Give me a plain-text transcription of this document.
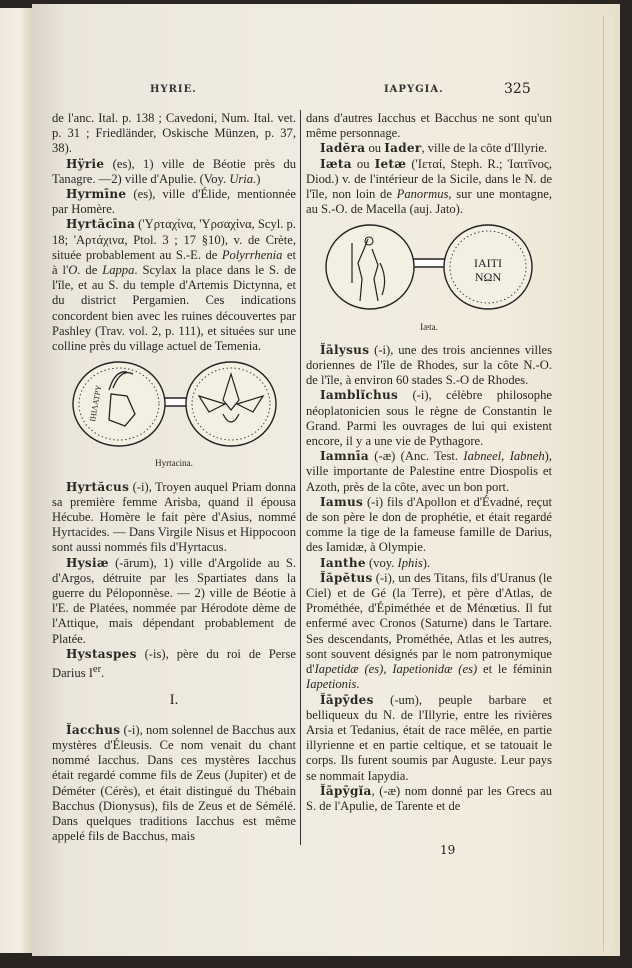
HYRIE.	IAPYGIA.	325

de l'anc. Ital. p. 138 ; Cavedoni, Num. Ital. vet. p. 31 ; Friedländer, Oskische Münzen, p. 37, 38).

Hÿrie (es), 1) ville de Béotie près du Tanagre. —2) ville d'Apulie. (Voy. Uria.)

Hyrmīne (es), ville d'Élide, mentionnée par Homère.

Hyrtăcīna ('Υρταχίνα, 'Υρσαχίνα, Scyl. p. 18; 'Αρτάχινα, Ptol. 3 ; 17 §10), v. de Crète, située probablement au S.-E. de Polyrrhenia et à l'O. de Lappa. Scylax la place dans le S. de l'île, et au S. du temple d'Artemis Dictynna, et du district Pergamien. Ces indications concordent bien avec les ruines découvertes par Pashley (Trav. vol. 2, p. 111), et situées sur une colline près du village actuel de Temenia.

ΙΗΙΛΑΤΡΥ

Hyrtacina.

Hyrtăcus (-i), Troyen auquel Priam donna sa première femme Arisba, quand il épousa Hécube. Homère le fait père d'Asius, nommé Hyrtacides. — Dans Virgile Nisus et Hippocoon sont aussi nommés fils d'Hyrtacus.

Hysiæ (-ārum), 1) ville d'Argolide au S. d'Argos, détruite par les Spartiates dans la guerre du Péloponnèse. — 2) ville de Béotie à l'E. de Platées, nommée par Hérodote dème de l'Attique, mais dépendant probablement de Platée.

Hystaspes (-is), père du roi de Perse Darius Ier.

I.

Ĭacchus (-i), nom solennel de Bacchus aux mystères d'Éleusis. Ce nom venait du chant nommé Iacchus. Dans ces mystères Iacchus était regardé comme fils de Zeus (Jupiter) et de Déméter (Cérès), et était distingué du Thébain Bacchus (Dionysus), fils de Zeus et de Sémélé. Dans quelques traditions Iacchus est même appelé fils de Bacchus, mais

dans d'autres Iacchus et Bacchus ne sont qu'un même personnage.

Iadĕra ou Iader, ville de la côte d'Illyrie.

Iæta ou Ietæ ('Ιεταί, Steph. R.; Ἰαιτῖνος, Diod.) v. de l'intérieur de la Sicile, dans le N. de l'île, non loin de Panormus, sur une montagne, au S.-O. de Macella (auj. Jato).

ΙΑΙΤΙ
ΝΩΝ

Iæta.

Ĭālysus (-i), une des trois anciennes villes doriennes de l'île de Rhodes, sur la côte N.-O. de l'île, à environ 60 stades S.-O de Rhodes.

Iamblĭchus (-i), célèbre philosophe néoplatonicien sous le règne de Constantin le Grand. Parmi les ouvrages de lui qui existent encore, il y a une vie de Pythagore.

Iamnīa (-æ) (Anc. Test. Iabneel, Iabneh), ville importante de Palestine entre Diospolis et Azoth, près de la côte, avec un bon port.

Iamus (-i) fils d'Apollon et d'Évadné, reçut de son père le don de prophétie, et était regardé comme la tige de la fameuse famille de Darius, des Iamidæ, à Olympie.

Ianthe (voy. Iphis).

Ĭăpĕtus (-i), un des Titans, fils d'Uranus (le Ciel) et de Gé (la Terre), et père d'Atlas, de Prométhée, d'Épiméthée et de Ménœtius. Il fut enfermé avec Cronos (Saturne) dans le Tartare. Ses descendants, Prométhée, Atlas et les autres, sont souvent désignés par le nom patronymique d'Iapetidæ (es), Iapetionidæ (es) et le féminin Iapetionis.

Ĭāpȳdes (-um), peuple barbare et belliqueux du N. de l'Illyrie, entre les rivières Arsia et Tedanius, était de race mêlée, en partie illyrienne et en partie celtique, et se tatouait le corps. Ils furent soumis par Auguste. Leur pays se nommait Iapydia.

Ĭāpȳgĭa, (-æ) nom donné par les Grecs au S. de l'Apulie, de Tarente et de

19
